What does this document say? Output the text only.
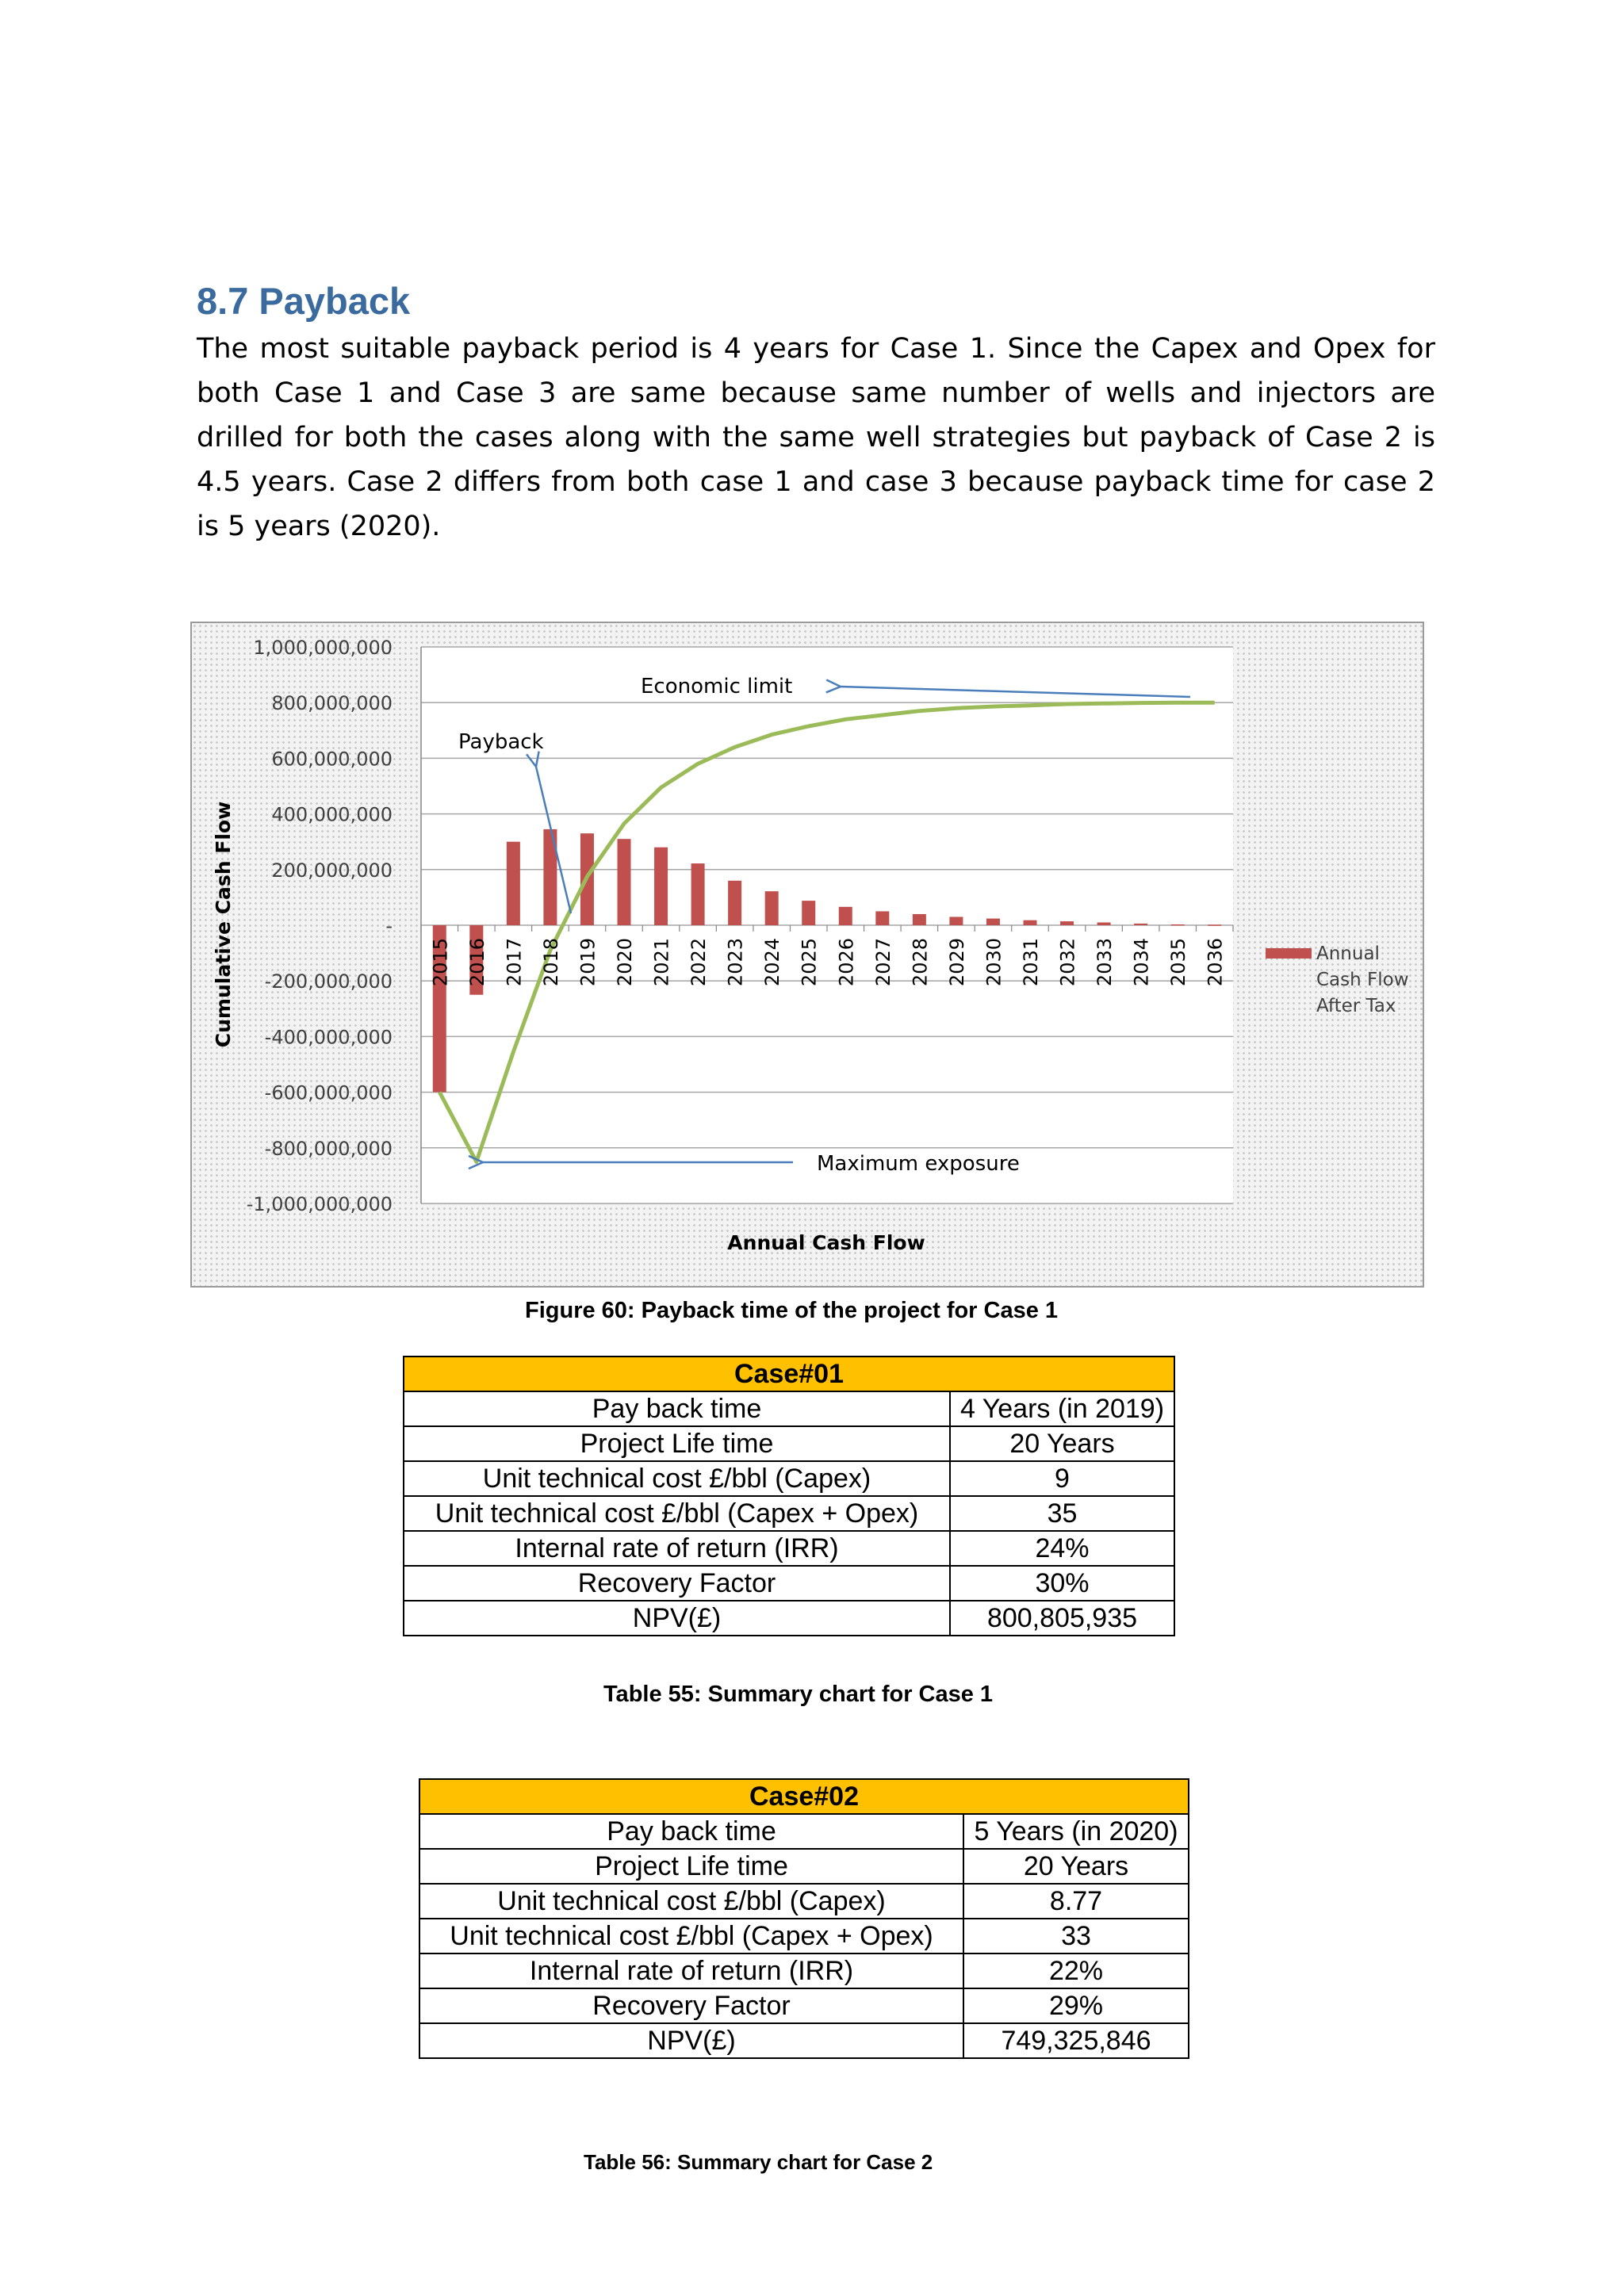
8.7 Payback

The most suitable payback period is 4 years for Case 1. Since the Capex and Opex for both Case 1 and Case 3 are same because same number of wells and injectors are drilled for both the cases along with the same well strategies but payback of Case 2 is 4.5 years. Case 2 differs from both case 1 and case 3 because payback time for case 2 is 5 years (2020).

1,000,000,000
800,000,000
600,000,000
400,000,000
200,000,000
-
-200,000,000
-400,000,000
-600,000,000
-800,000,000
-1,000,000,000
2015 2016 2017 2018 2019 2020 2021 2022 2023 2024 2025 2026 2027 2028 2029 2030 2031 2032 2033 2034 2035 2036
Economic limit
Payback
Maximum exposure
Annual Cash Flow After Tax
Annual Cash Flow
Cumulative Cash Flow

Figure 60: Payback time of the project for Case 1

Case#01	
Pay back time	4 Years (in 2019)
Project Life time	20 Years
Unit technical cost £/bbl (Capex)	9
Unit technical cost £/bbl (Capex + Opex)	35
Internal rate of return (IRR)	24%
Recovery Factor	30%
NPV(£)	800,805,935

Table 55: Summary chart for Case 1

Case#02	
Pay back time	5 Years (in 2020)
Project Life time	20 Years
Unit technical cost £/bbl (Capex)	8.77
Unit technical cost £/bbl (Capex + Opex)	33
Internal rate of return (IRR)	22%
Recovery Factor	29%
NPV(£)	749,325,846

Table 56: Summary chart for Case 2
